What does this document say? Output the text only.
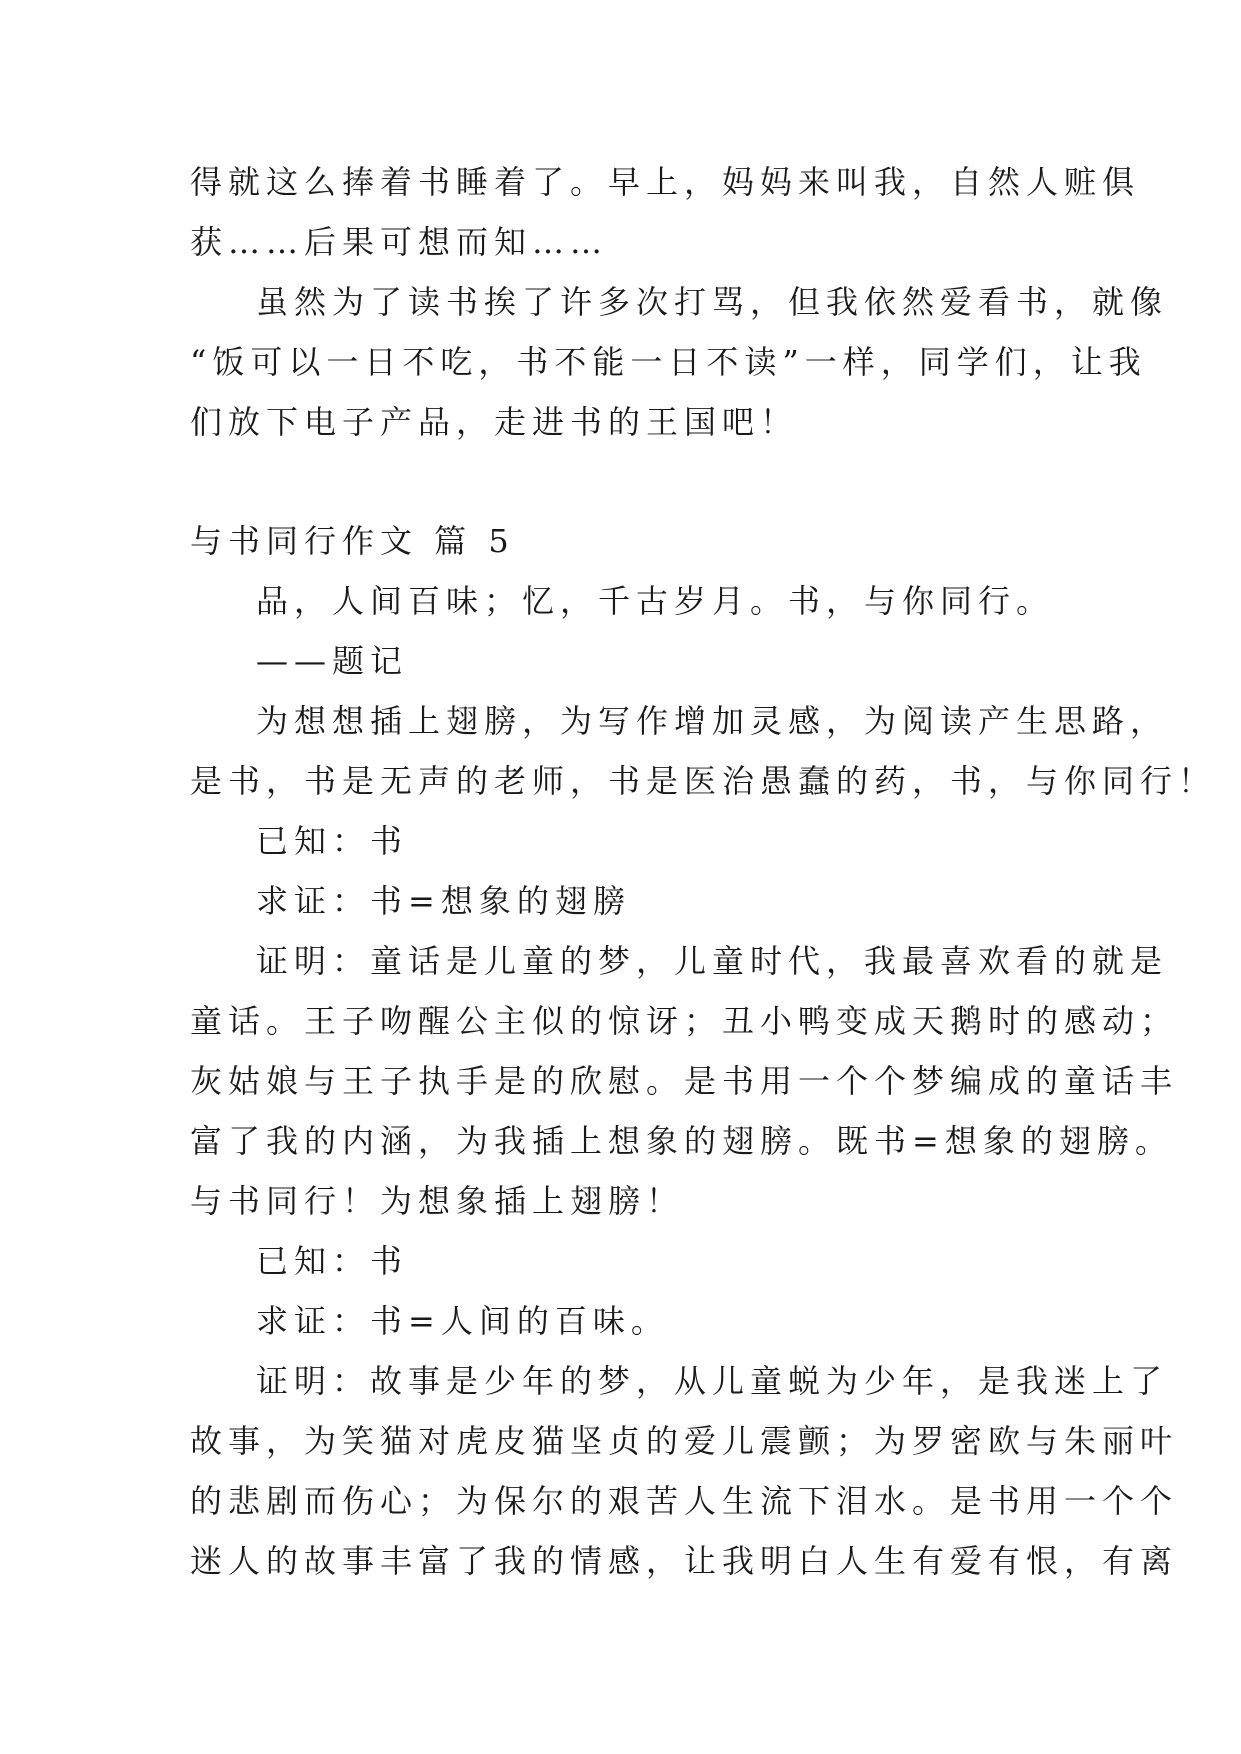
得就这么捧着书睡着了。早上，妈妈来叫我，自然人赃俱
获……后果可想而知……
虽然为了读书挨了许多次打骂，但我依然爱看书，就像
“饭可以一日不吃，书不能一日不读”一样，同学们，让我
们放下电子产品，走进书的王国吧！
与书同行作文 篇 5
品，人间百味；忆，千古岁月。书，与你同行。
——题记
为想想插上翅膀，为写作增加灵感，为阅读产生思路，
是书，书是无声的老师，书是医治愚蠢的药，书，与你同行！
已知：书
求证：书=想象的翅膀
证明：童话是儿童的梦，儿童时代，我最喜欢看的就是
童话。王子吻醒公主似的惊讶；丑小鸭变成天鹅时的感动；
灰姑娘与王子执手是的欣慰。是书用一个个梦编成的童话丰
富了我的内涵，为我插上想象的翅膀。既书=想象的翅膀。
与书同行！为想象插上翅膀！
已知：书
求证：书=人间的百味。
证明：故事是少年的梦，从儿童蜕为少年，是我迷上了
故事，为笑猫对虎皮猫坚贞的爱儿震颤；为罗密欧与朱丽叶
的悲剧而伤心；为保尔的艰苦人生流下泪水。是书用一个个
迷人的故事丰富了我的情感，让我明白人生有爱有恨，有离
